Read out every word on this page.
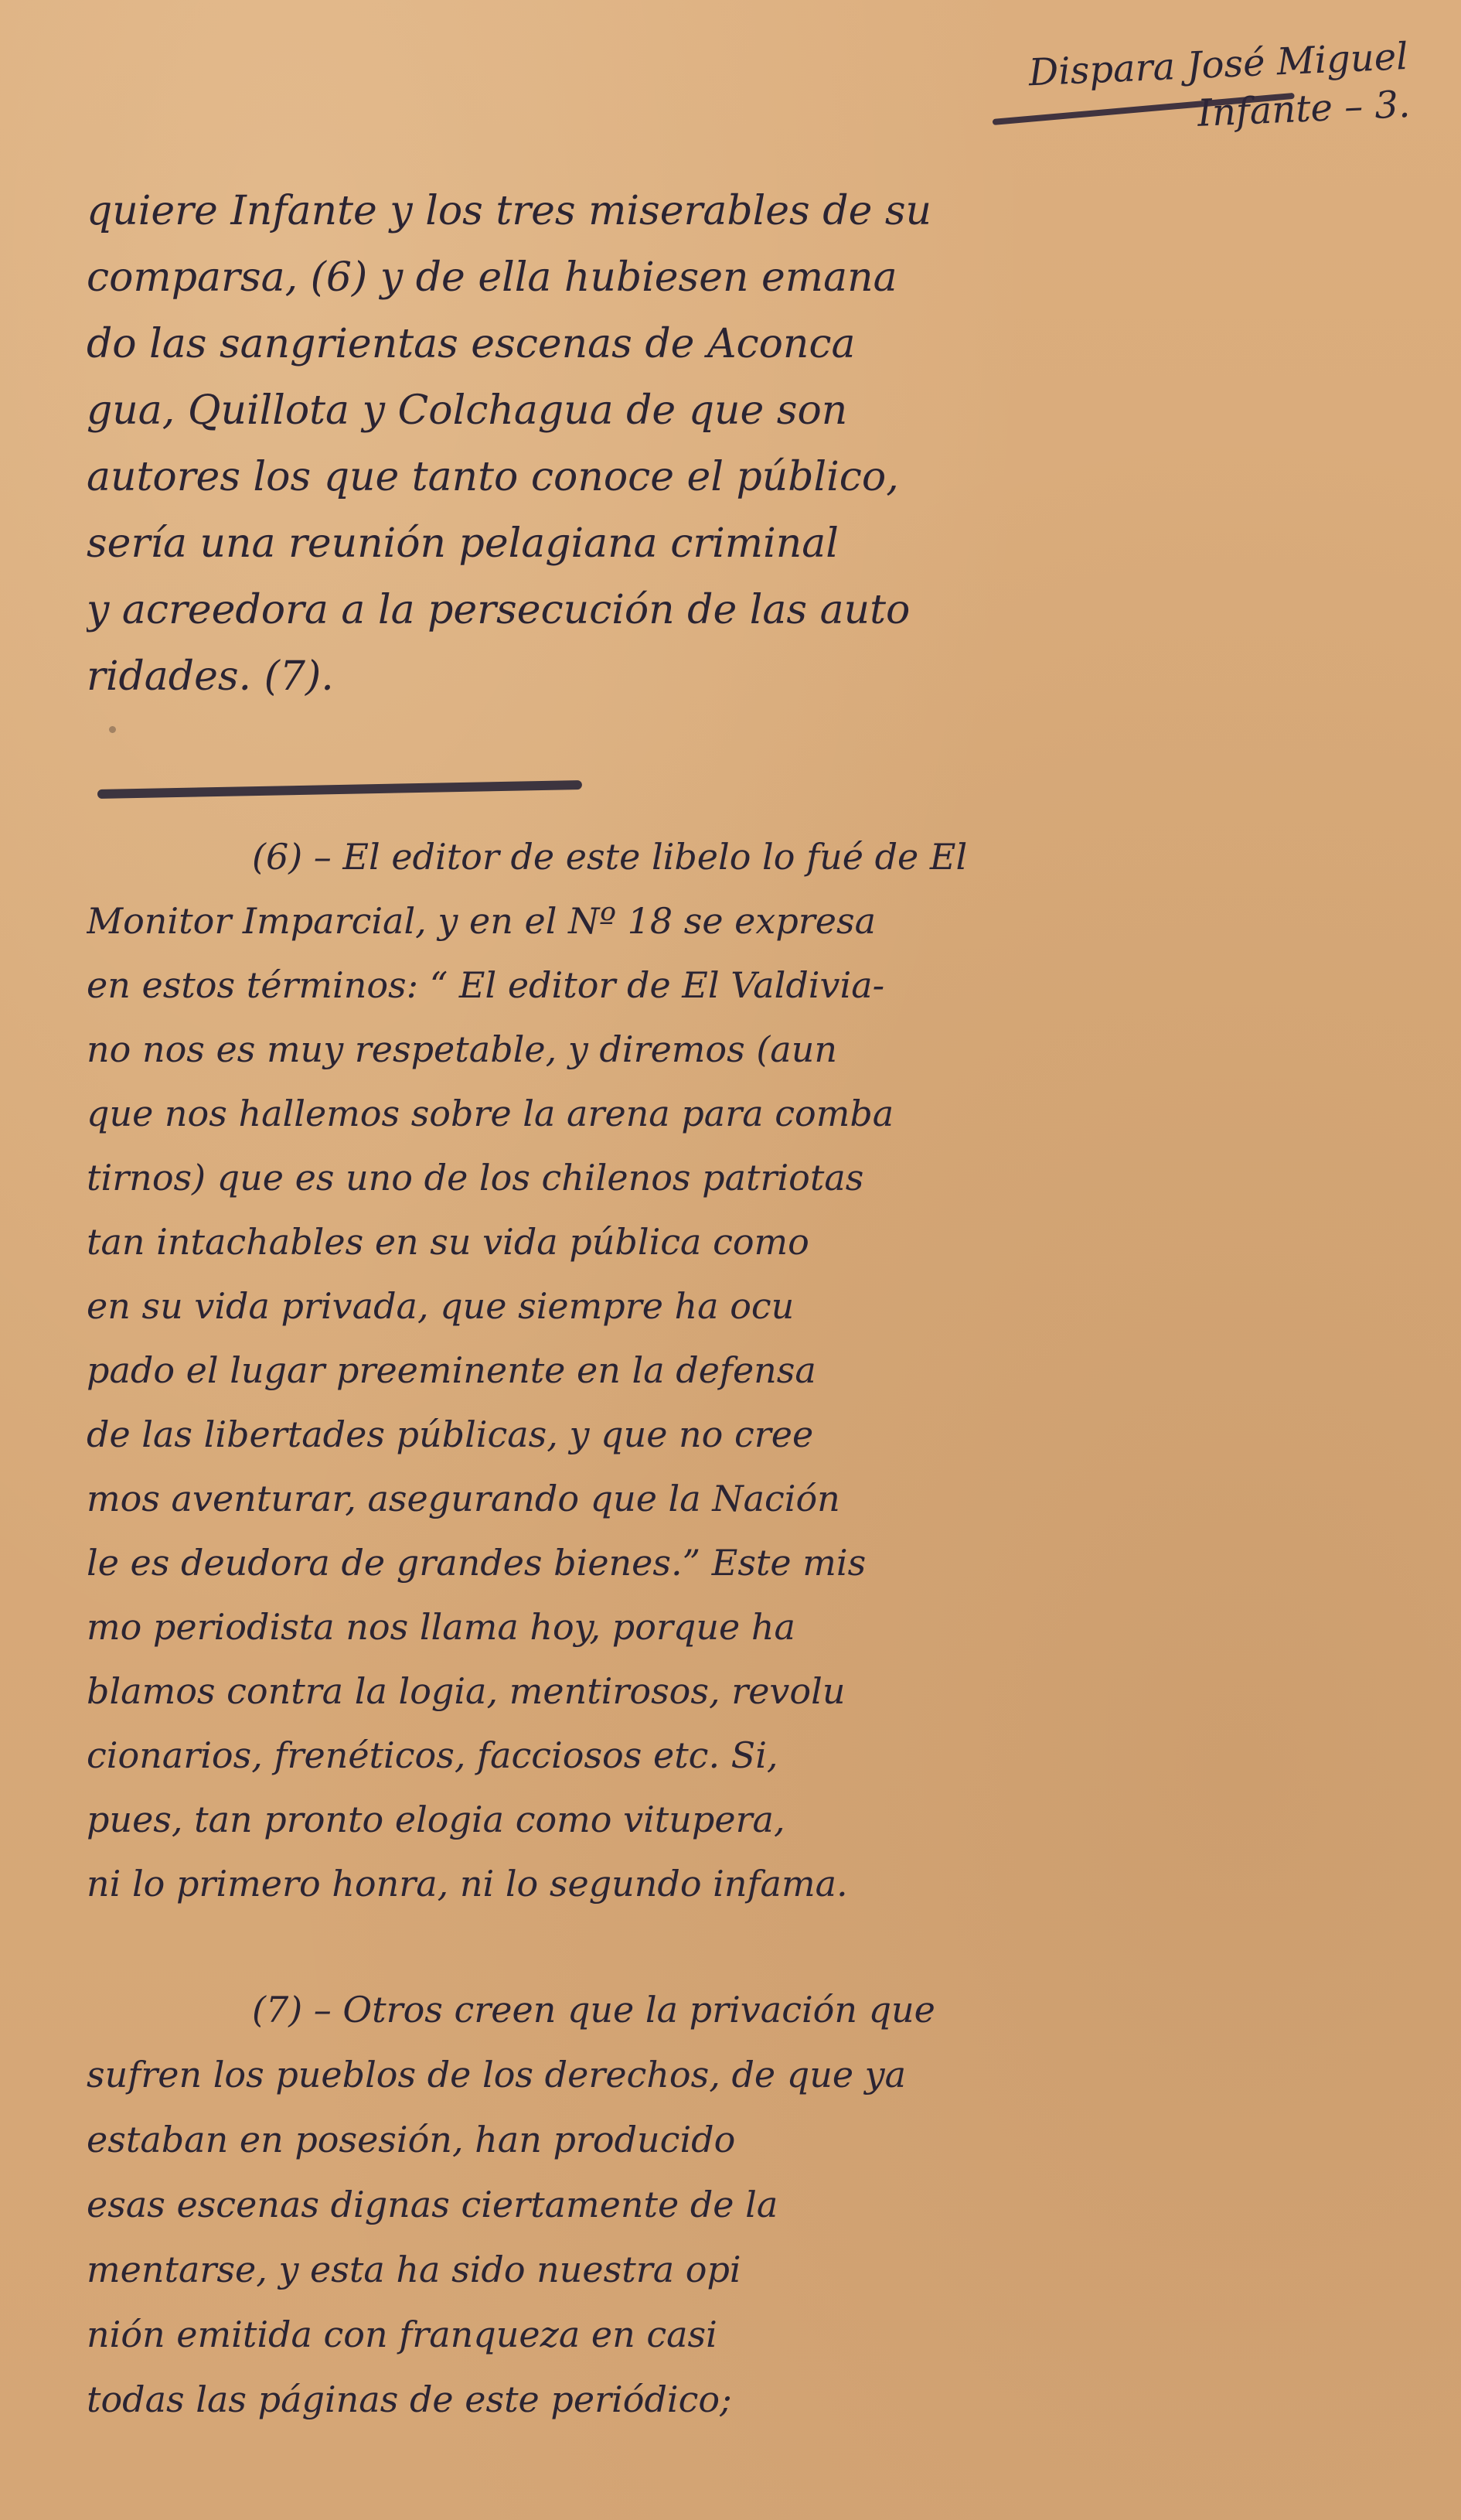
Dispara José Miguel
Infante – 3.
quiere Infante y los tres miserables de su
comparsa, (6) y de ella hubiesen emana
do las sangrientas escenas de Aconca
gua, Quillota y Colchagua de que son
autores los que tanto conoce el público,
sería una reunión pelagiana criminal
y acreedora a la persecución de las auto
ridades. (7).
(6) – El editor de este libelo lo fué de El
Monitor Imparcial, y en el Nº 18 se expresa
en estos términos: “ El editor de El Valdivia-
no nos es muy respetable, y diremos (aun
que nos hallemos sobre la arena para comba
tirnos) que es uno de los chilenos patriotas
tan intachables en su vida pública como
en su vida privada, que siempre ha ocu
pado el lugar preeminente en la defensa
de las libertades públicas, y que no cree
mos aventurar, asegurando que la Nación
le es deudora de grandes bienes.” Este mis
mo periodista nos llama hoy, porque ha
blamos contra la logia, mentirosos, revolu
cionarios, frenéticos, facciosos etc. Si,
pues, tan pronto elogia como vitupera,
ni lo primero honra, ni lo segundo infama.
(7) – Otros creen que la privación que
sufren los pueblos de los derechos, de que ya
estaban en posesión, han producido
esas escenas dignas ciertamente de la
mentarse, y esta ha sido nuestra opi
nión emitida con franqueza en casi
todas las páginas de este periódico;
